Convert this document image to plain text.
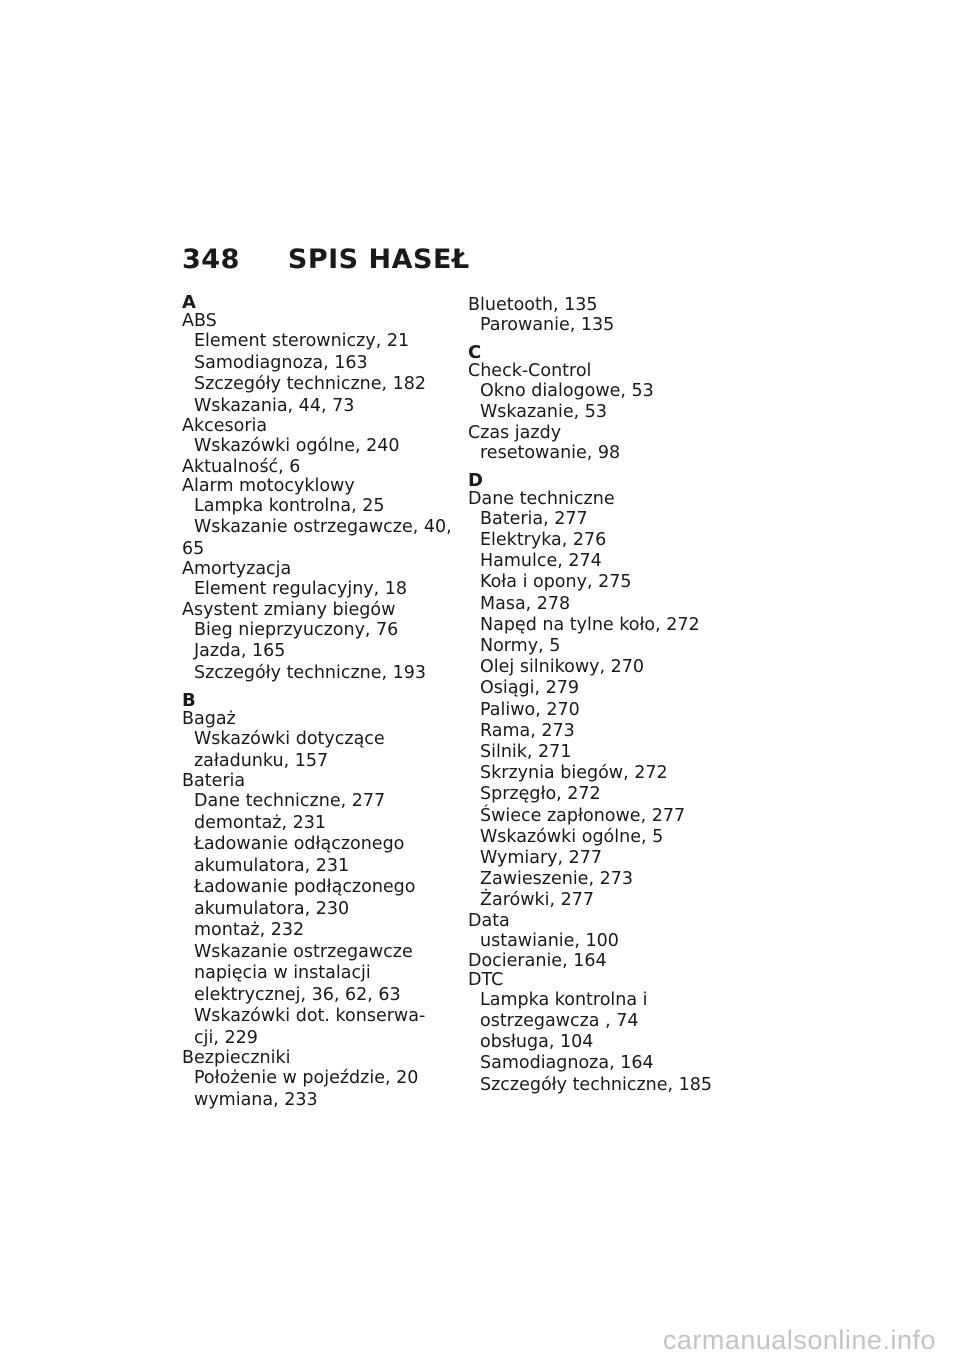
348 SPIS HASEŁ
A
ABS
Element sterowniczy, 21
Samodiagnoza, 163
Szczegóły techniczne, 182
Wskazania, 44, 73
Akcesoria
Wskazówki ogólne, 240
Aktualność, 6
Alarm motocyklowy
Lampka kontrolna, 25
Wskazanie ostrzegawcze, 40,
65
Amortyzacja
Element regulacyjny, 18
Asystent zmiany biegów
Bieg nieprzyuczony, 76
Jazda, 165
Szczegóły techniczne, 193
B
Bagaż
Wskazówki dotyczące
załadunku, 157
Bateria
Dane techniczne, 277
demontaż, 231
Ładowanie odłączonego
akumulatora, 231
Ładowanie podłączonego
akumulatora, 230
montaż, 232
Wskazanie ostrzegawcze
napięcia w instalacji
elektrycznej, 36, 62, 63
Wskazówki dot. konserwa-
cji, 229
Bezpieczniki
Położenie w pojeździe, 20
wymiana, 233
Bluetooth, 135
Parowanie, 135
C
Check-Control
Okno dialogowe, 53
Wskazanie, 53
Czas jazdy
resetowanie, 98
D
Dane techniczne
Bateria, 277
Elektryka, 276
Hamulce, 274
Koła i opony, 275
Masa, 278
Napęd na tylne koło, 272
Normy, 5
Olej silnikowy, 270
Osiągi, 279
Paliwo, 270
Rama, 273
Silnik, 271
Skrzynia biegów, 272
Sprzęgło, 272
Świece zapłonowe, 277
Wskazówki ogólne, 5
Wymiary, 277
Zawieszenie, 273
Żarówki, 277
Data
ustawianie, 100
Docieranie, 164
DTC
Lampka kontrolna i
ostrzegawcza , 74
obsługa, 104
Samodiagnoza, 164
Szczegóły techniczne, 185
carmanualsonline.info
